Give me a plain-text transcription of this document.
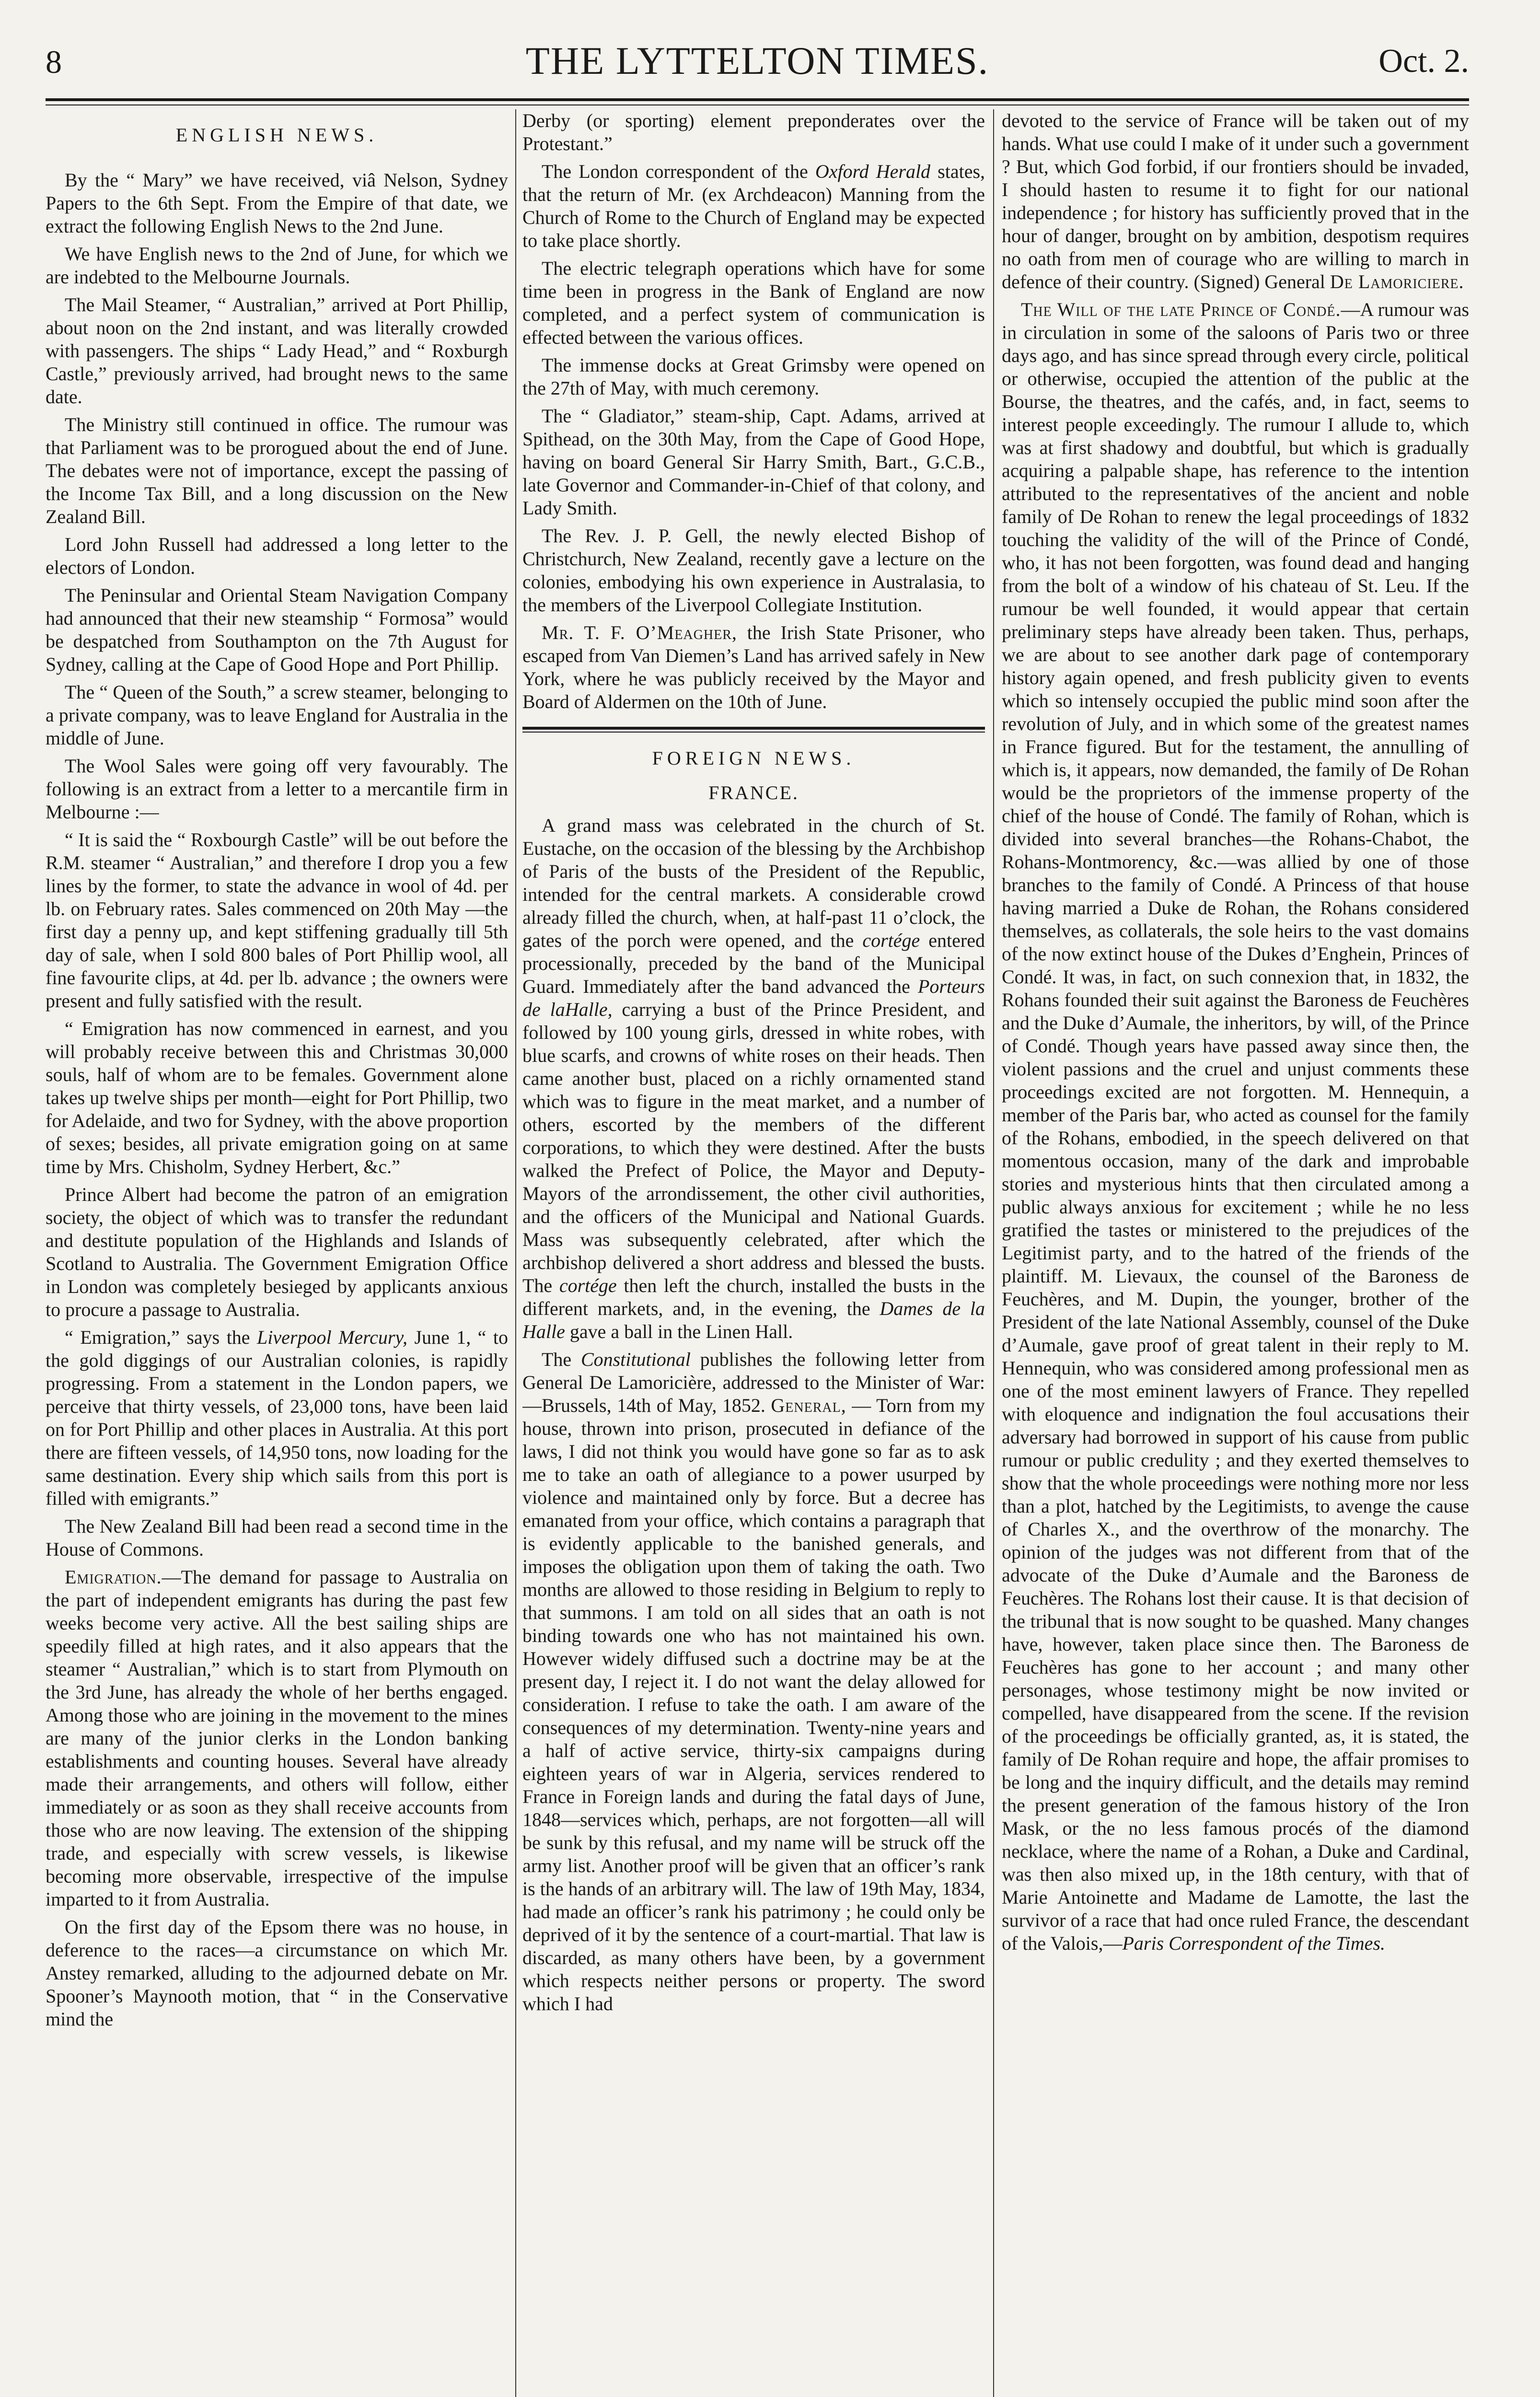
8	THE LYTTELTON TIMES.	Oct. 2.
ENGLISH NEWS.

By the “ Mary” we have received, viâ Nelson, Sydney Papers to the 6th Sept. From the Empire of that date, we extract the following English News to the 2nd June.

We have English news to the 2nd of June, for which we are indebted to the Melbourne Journals.

The Mail Steamer, “ Australian,” arrived at Port Phillip, about noon on the 2nd instant, and was literally crowded with passengers. The ships “ Lady Head,” and “ Roxburgh Castle,” previously arrived, had brought news to the same date.

The Ministry still continued in office. The rumour was that Parliament was to be prorogued about the end of June. The debates were not of importance, except the passing of the Income Tax Bill, and a long discussion on the New Zealand Bill.

Lord John Russell had addressed a long letter to the electors of London.

The Peninsular and Oriental Steam Navigation Company had announced that their new steamship “ Formosa” would be despatched from Southampton on the 7th August for Sydney, calling at the Cape of Good Hope and Port Phillip.

The “ Queen of the South,” a screw steamer, belonging to a private company, was to leave England for Australia in the middle of June.

The Wool Sales were going off very favourably. The following is an extract from a letter to a mercantile firm in Melbourne :—

“ It is said the “ Roxbourgh Castle” will be out before the R.M. steamer “ Australian,” and therefore I drop you a few lines by the former, to state the advance in wool of 4d. per lb. on February rates. Sales commenced on 20th May —the first day a penny up, and kept stiffening gradually till 5th day of sale, when I sold 800 bales of Port Phillip wool, all fine favourite clips, at 4d. per lb. advance ; the owners were present and fully satisfied with the result.

“ Emigration has now commenced in earnest, and you will probably receive between this and Christmas 30,000 souls, half of whom are to be females. Government alone takes up twelve ships per month—eight for Port Phillip, two for Adelaide, and two for Sydney, with the above proportion of sexes; besides, all private emigration going on at same time by Mrs. Chisholm, Sydney Herbert, &c.”

Prince Albert had become the patron of an emigration society, the object of which was to transfer the redundant and destitute population of the Highlands and Islands of Scotland to Australia. The Government Emigration Office in London was completely besieged by applicants anxious to procure a passage to Australia.

“ Emigration,” says the Liverpool Mercury, June 1, “ to the gold diggings of our Australian colonies, is rapidly progressing. From a statement in the London papers, we perceive that thirty vessels, of 23,000 tons, have been laid on for Port Phillip and other places in Australia. At this port there are fifteen vessels, of 14,950 tons, now loading for the same destination. Every ship which sails from this port is filled with emigrants.”

The New Zealand Bill had been read a second time in the House of Commons.

Emigration.—The demand for passage to Australia on the part of independent emigrants has during the past few weeks become very active. All the best sailing ships are speedily filled at high rates, and it also appears that the steamer “ Australian,” which is to start from Plymouth on the 3rd June, has already the whole of her berths engaged. Among those who are joining in the movement to the mines are many of the junior clerks in the London banking establishments and counting houses. Several have already made their arrangements, and others will follow, either immediately or as soon as they shall receive accounts from those who are now leaving. The extension of the shipping trade, and especially with screw vessels, is likewise becoming more observable, irrespective of the impulse imparted to it from Australia.

On the first day of the Epsom there was no house, in deference to the races—a circumstance on which Mr. Anstey remarked, alluding to the adjourned debate on Mr. Spooner’s Maynooth motion, that “ in the Conservative mind the

Derby (or sporting) element preponderates over the Protestant.”

The London correspondent of the Oxford Herald states, that the return of Mr. (ex Archdeacon) Manning from the Church of Rome to the Church of England may be expected to take place shortly.

The electric telegraph operations which have for some time been in progress in the Bank of England are now completed, and a perfect system of communication is effected between the various offices.

The immense docks at Great Grimsby were opened on the 27th of May, with much ceremony.

The “ Gladiator,” steam-ship, Capt. Adams, arrived at Spithead, on the 30th May, from the Cape of Good Hope, having on board General Sir Harry Smith, Bart., G.C.B., late Governor and Commander-in-Chief of that colony, and Lady Smith.

The Rev. J. P. Gell, the newly elected Bishop of Christchurch, New Zealand, recently gave a lecture on the colonies, embodying his own experience in Australasia, to the members of the Liverpool Collegiate Institution.

Mr. T. F. O’Meagher, the Irish State Prisoner, who escaped from Van Diemen’s Land has arrived safely in New York, where he was publicly received by the Mayor and Board of Aldermen on the 10th of June.

FOREIGN NEWS.
FRANCE.

A grand mass was celebrated in the church of St. Eustache, on the occasion of the blessing by the Archbishop of Paris of the busts of the President of the Republic, intended for the central markets. A considerable crowd already filled the church, when, at half-past 11 o’clock, the gates of the porch were opened, and the cortége entered processionally, preceded by the band of the Municipal Guard. Immediately after the band advanced the Porteurs de laHalle, carrying a bust of the Prince President, and followed by 100 young girls, dressed in white robes, with blue scarfs, and crowns of white roses on their heads. Then came another bust, placed on a richly ornamented stand which was to figure in the meat market, and a number of others, escorted by the members of the different corporations, to which they were destined. After the busts walked the Prefect of Police, the Mayor and Deputy-Mayors of the arrondissement, the other civil authorities, and the officers of the Municipal and National Guards. Mass was subsequently celebrated, after which the archbishop delivered a short address and blessed the busts. The cortége then left the church, installed the busts in the different markets, and, in the evening, the Dames de la Halle gave a ball in the Linen Hall.

The Constitutional publishes the following letter from General De Lamoricière, addressed to the Minister of War:—Brussels, 14th of May, 1852. General, — Torn from my house, thrown into prison, prosecuted in defiance of the laws, I did not think you would have gone so far as to ask me to take an oath of allegiance to a power usurped by violence and maintained only by force. But a decree has emanated from your office, which contains a paragraph that is evidently applicable to the banished generals, and imposes the obligation upon them of taking the oath. Two months are allowed to those residing in Belgium to reply to that summons. I am told on all sides that an oath is not binding towards one who has not maintained his own. However widely diffused such a doctrine may be at the present day, I reject it. I do not want the delay allowed for consideration. I refuse to take the oath. I am aware of the consequences of my determination. Twenty-nine years and a half of active service, thirty-six campaigns during eighteen years of war in Algeria, services rendered to France in Foreign lands and during the fatal days of June, 1848—services which, perhaps, are not forgotten—all will be sunk by this refusal, and my name will be struck off the army list. Another proof will be given that an officer’s rank is the hands of an arbitrary will. The law of 19th May, 1834, had made an officer’s rank his patrimony ; he could only be deprived of it by the sentence of a court-martial. That law is discarded, as many others have been, by a government which respects neither persons or property. The sword which I had

devoted to the service of France will be taken out of my hands. What use could I make of it under such a government ? But, which God forbid, if our frontiers should be invaded, I should hasten to resume it to fight for our national independence ; for history has sufficiently proved that in the hour of danger, brought on by ambition, despotism requires no oath from men of courage who are willing to march in defence of their country. (Signed) General De Lamoriciere.

The Will of the late Prince of Condé.—A rumour was in circulation in some of the saloons of Paris two or three days ago, and has since spread through every circle, political or otherwise, occupied the attention of the public at the Bourse, the theatres, and the cafés, and, in fact, seems to interest people exceedingly. The rumour I allude to, which was at first shadowy and doubtful, but which is gradually acquiring a palpable shape, has reference to the intention attributed to the representatives of the ancient and noble family of De Rohan to renew the legal proceedings of 1832 touching the validity of the will of the Prince of Condé, who, it has not been forgotten, was found dead and hanging from the bolt of a window of his chateau of St. Leu. If the rumour be well founded, it would appear that certain preliminary steps have already been taken. Thus, perhaps, we are about to see another dark page of contemporary history again opened, and fresh publicity given to events which so intensely occupied the public mind soon after the revolution of July, and in which some of the greatest names in France figured. But for the testament, the annulling of which is, it appears, now demanded, the family of De Rohan would be the proprietors of the immense property of the chief of the house of Condé. The family of Rohan, which is divided into several branches—the Rohans-Chabot, the Rohans-Montmorency, &c.—was allied by one of those branches to the family of Condé. A Princess of that house having married a Duke de Rohan, the Rohans considered themselves, as collaterals, the sole heirs to the vast domains of the now extinct house of the Dukes d’Enghein, Princes of Condé. It was, in fact, on such connexion that, in 1832, the Rohans founded their suit against the Baroness de Feuchères and the Duke d’Aumale, the inheritors, by will, of the Prince of Condé. Though years have passed away since then, the violent passions and the cruel and unjust comments these proceedings excited are not forgotten. M. Hennequin, a member of the Paris bar, who acted as counsel for the family of the Rohans, embodied, in the speech delivered on that momentous occasion, many of the dark and improbable stories and mysterious hints that then circulated among a public always anxious for excitement ; while he no less gratified the tastes or ministered to the prejudices of the Legitimist party, and to the hatred of the friends of the plaintiff. M. Lievaux, the counsel of the Baroness de Feuchères, and M. Dupin, the younger, brother of the President of the late National Assembly, counsel of the Duke d’Aumale, gave proof of great talent in their reply to M. Hennequin, who was considered among professional men as one of the most eminent lawyers of France. They repelled with eloquence and indignation the foul accusations their adversary had borrowed in support of his cause from public rumour or public credulity ; and they exerted themselves to show that the whole proceedings were nothing more nor less than a plot, hatched by the Legitimists, to avenge the cause of Charles X., and the overthrow of the monarchy. The opinion of the judges was not different from that of the advocate of the Duke d’Aumale and the Baroness de Feuchères. The Rohans lost their cause. It is that decision of the tribunal that is now sought to be quashed. Many changes have, however, taken place since then. The Baroness de Feuchères has gone to her account ; and many other personages, whose testimony might be now invited or compelled, have disappeared from the scene. If the revision of the proceedings be officially granted, as, it is stated, the family of De Rohan require and hope, the affair promises to be long and the inquiry difficult, and the details may remind the present generation of the famous history of the Iron Mask, or the no less famous procés of the diamond necklace, where the name of a Rohan, a Duke and Cardinal, was then also mixed up, in the 18th century, with that of Marie Antoinette and Madame de Lamotte, the last the survivor of a race that had once ruled France, the descendant of the Valois,—Paris Correspondent of the Times.
